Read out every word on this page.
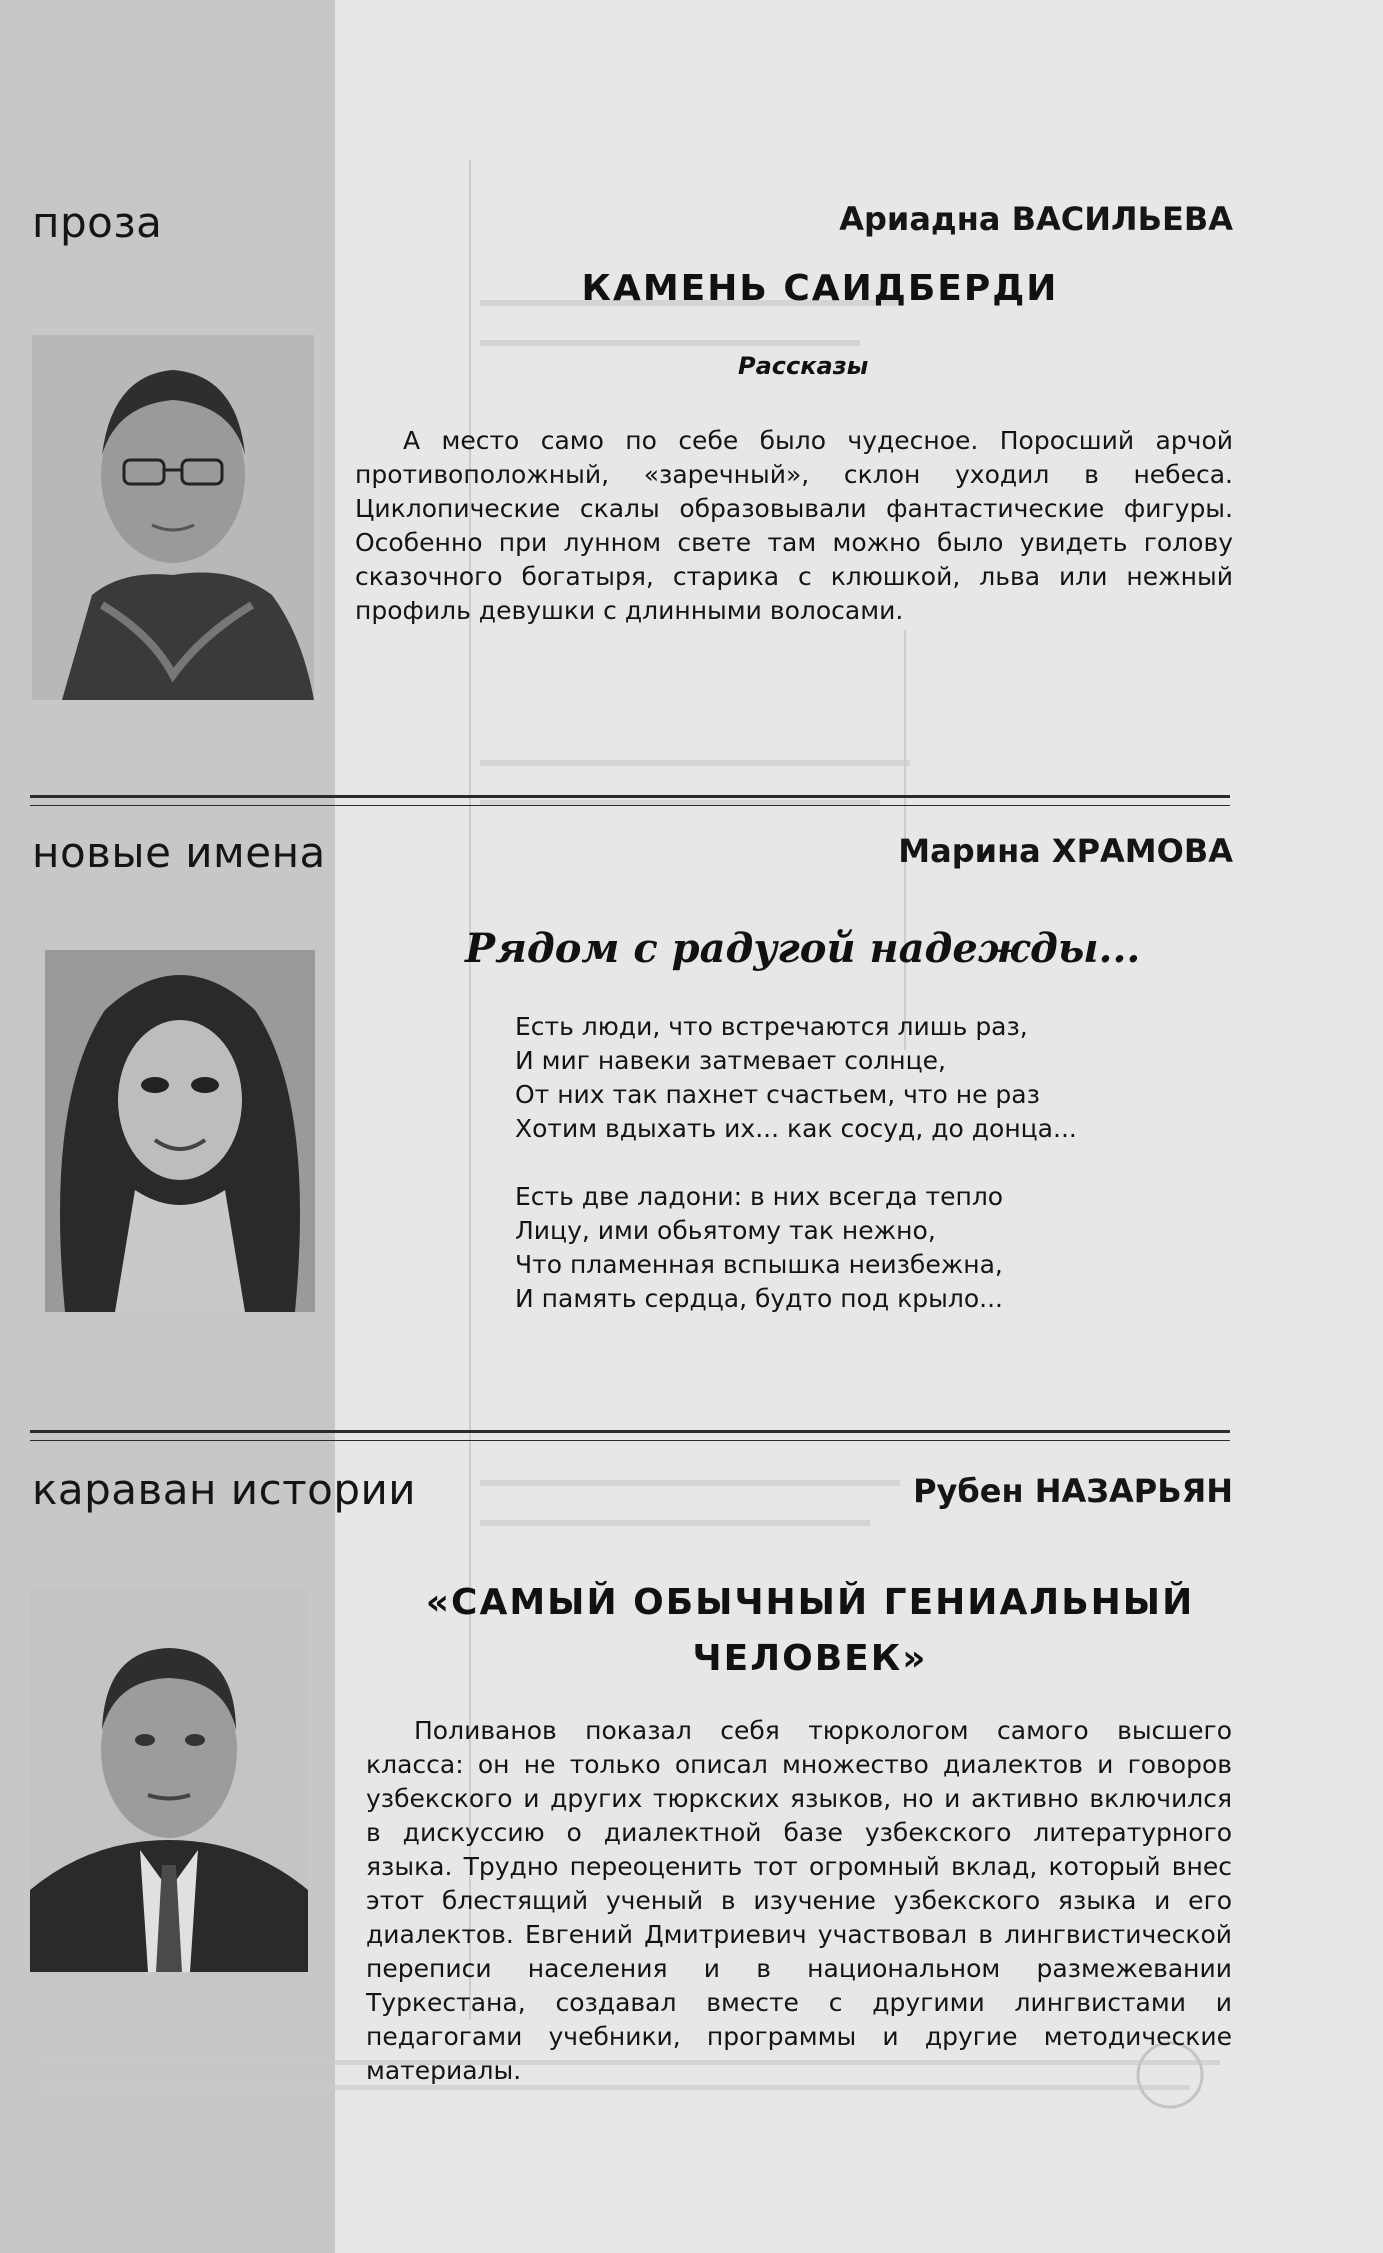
проза	Ариадна ВАСИЛЬЕВА
КАМЕНЬ САИДБЕРДИ
Рассказы

А место само по себе было чудесное. Поросший арчой противоположный, «заречный», склон уходил в небеса. Циклопические скалы образовывали фантастические фигуры. Особенно при лунном свете там можно было увидеть голову сказочного богатыря, старика с клюшкой, льва или нежный профиль девушки с длинными волосами.

новые имена	Марина ХРАМОВА
Рядом с радугой надежды...
Есть люди, что встречаются лишь раз,
И миг навеки затмевает солнце,
От них так пахнет счастьем, что не раз
Хотим вдыхать их... как сосуд, до донца...
Есть две ладони: в них всегда тепло
Лицу, ими обьятому так нежно,
Что пламенная вспышка неизбежна,
И память сердца, будто под крыло...
караван истории	Рубен НАЗАРЬЯН
«САМЫЙ ОБЫЧНЫЙ ГЕНИАЛЬНЫЙ ЧЕЛОВЕК»

Поливанов показал себя тюркологом самого высшего класса: он не только описал множество диалектов и говоров узбекского и других тюркских языков, но и активно включился в дискуссию о диалектной базе узбекского литературного языка. Трудно переоценить тот огромный вклад, который внес этот блестящий ученый в изучение узбекского языка и его диалектов. Евгений Дмитриевич участвовал в лингвистической переписи населения и в национальном размежевании Туркестана, создавал вместе с другими лингвистами и педагогами учебники, программы и другие методические материалы.
